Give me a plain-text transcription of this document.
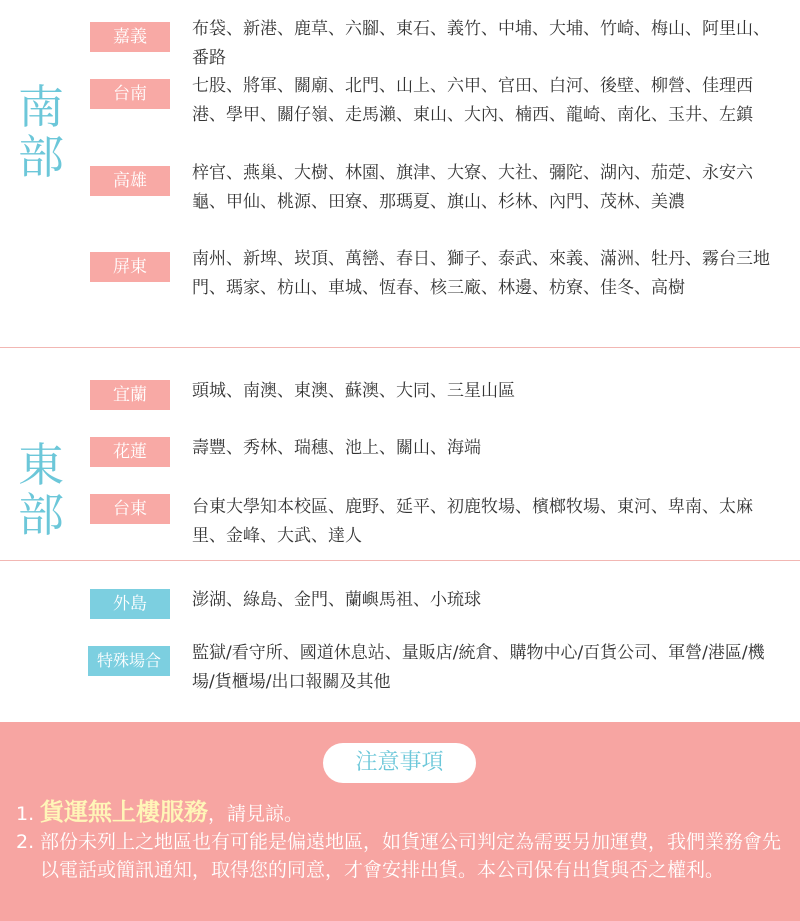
南部
嘉義	布袋、新港、鹿草、六腳、東石、義竹、中埔、大埔、竹崎、梅山、阿里山、番路
台南	七股、將軍、關廟、北門、山上、六甲、官田、白河、後壁、柳營、佳理西港、學甲、關仔嶺、走馬瀨、東山、大內、楠西、龍崎、南化、玉井、左鎮
高雄	梓官、燕巢、大樹、林園、旗津、大寮、大社、彌陀、湖內、茄萣、永安六龜、甲仙、桃源、田寮、那瑪夏、旗山、杉林、內門、茂林、美濃
屏東	南州、新埤、崁頂、萬巒、春日、獅子、泰武、來義、滿洲、牡丹、霧台三地門、瑪家、枋山、車城、恆春、核三廠、林邊、枋寮、佳冬、高樹
東部
宜蘭	頭城、南澳、東澳、蘇澳、大同、三星山區
花蓮	壽豐、秀林、瑞穗、池上、關山、海端
台東	台東大學知本校區、鹿野、延平、初鹿牧場、檳榔牧場、東河、卑南、太麻里、金峰、大武、達人
外島	澎湖、綠島、金門、蘭嶼馬祖、小琉球
特殊場合	監獄/看守所、國道休息站、量販店/統倉、購物中心/百貨公司、軍營/港區/機場/貨櫃場/出口報關及其他
注意事項
1. 貨運無上樓服務，請見諒。
2. 部份未列上之地區也有可能是偏遠地區，如貨運公司判定為需要另加運費，我們業務會先以電話或簡訊通知，取得您的同意，才會安排出貨。本公司保有出貨與否之權利。
